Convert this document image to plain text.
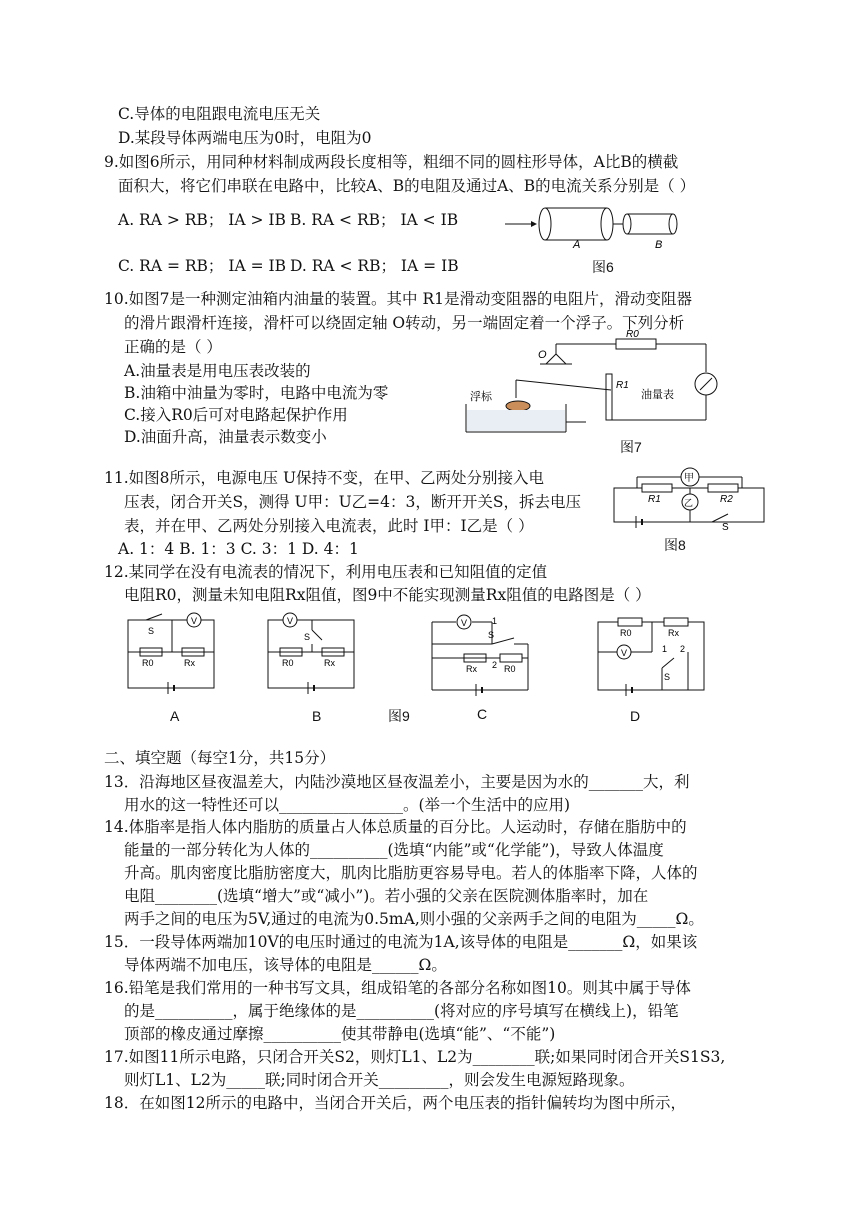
C.导体的电阻跟电流电压无关
D.某段导体两端电压为0时，电阻为0
9.如图6所示，用同种材料制成两段长度相等，粗细不同的圆柱形导体，A比B的横截
面积大，将它们串联在电路中，比较A、B的电阻及通过A、B的电流关系分别是（ ）
A. RA > RB； IA > IB B. RA < RB； IA < IB
C. RA = RB； IA = IB D. RA < RB； IA = IB
A	B
图6
10.如图7是一种测定油箱内油量的装置。其中 R1是滑动变阻器的电阻片，滑动变阻器
的滑片跟滑杆连接，滑杆可以绕固定轴 O转动，另一端固定着一个浮子。下列分析
正确的是（ ）
A.油量表是用电压表改装的
B.油箱中油量为零时，电路中电流为零
C.接入R0后可对电路起保护作用
D.油面升高，油量表示数变小
浮标	油量表
R0
R1
O
图7
11.如图8所示，电源电压 U保持不变，在甲、乙两处分别接入电
压表，闭合开关S，测得 U甲：U乙=4：3，断开开关S，拆去电压
表，并在甲、乙两处分别接入电流表，此时 I甲：I乙是（ ）
A. 1：4 B. 1：3 C. 3：1 D. 4：1
甲
乙
R1	R2
S
图8
12.某同学在没有电流表的情况下，利用电压表和已知阻值的定值
电阻R0，测量未知电阻Rx阻值，图9中不能实现测量Rx阻值的电路图是（ ）
V
S
R0	Rx
V
S
R0	Rx
V	1
S
Rx 2 R0
V
R0	Rx
1 2
S
A	B	图9	C	D
二、填空题（每空1分，共15分）
13．沿海地区昼夜温差大，内陆沙漠地区昼夜温差小，主要是因为水的_______大，利
用水的这一特性还可以________________。(举一个生活中的应用)
14.体脂率是指人体内脂肪的质量占人体总质量的百分比。人运动时，存储在脂肪中的
能量的一部分转化为人体的__________(选填“内能”或“化学能”)，导致人体温度
升高。肌肉密度比脂肪密度大，肌肉比脂肪更容易导电。若人的体脂率下降，人体的
电阻________(选填“增大”或“减小”)。若小强的父亲在医院测体脂率时，加在
两手之间的电压为5V,通过的电流为0.5mA,则小强的父亲两手之间的电阻为_____Ω。
15．一段导体两端加10V的电压时通过的电流为1A,该导体的电阻是_______Ω，如果该
导体两端不加电压，该导体的电阻是______Ω。
16.铅笔是我们常用的一种书写文具，组成铅笔的各部分名称如图10。则其中属于导体
的是__________，属于绝缘体的是__________(将对应的序号填写在横线上)，铅笔
顶部的橡皮通过摩擦__________使其带静电(选填“能”、“不能”)
17.如图11所示电路，只闭合开关S2，则灯L1、L2为________联;如果同时闭合开关S1S3,
则灯L1、L2为_____联;同时闭合开关_________，则会发生电源短路现象。
18．在如图12所示的电路中，当闭合开关后，两个电压表的指针偏转均为图中所示，
